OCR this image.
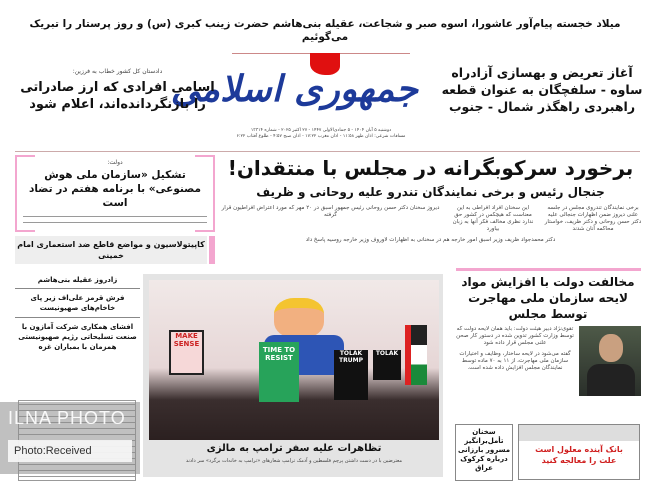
میلاد خجسته پیام‌آور عاشورا، اسوه صبر و شجاعت، عقیله بنی‌هاشم حضرت زینب کبری (س) و روز پرستار را تبریک می‌گوئیم
جمهوری اسلامی
دوشنبه ۵ آبان ۱۴۰۴ - ۵ جمادی‌الاولی ۱۴۴۷ - ۲۷ اکتبر ۲۰۲۵ - شماره ۱۳۳۱۴
مسافات شرعی: اذان ظهر ۱۱:۵۸ - اذان مغرب ۱۷:۲۲ - اذان صبح ۴:۵۷ - طلوع آفتاب ۶:۲۲
دادستان کل کشور خطاب به فرزین:
اسامی افرادی که ارز صادراتی را بازنگردانده‌اند، اعلام شود
آغاز تعریض و بهسازی آزادراه ساوه - سلفچگان به عنوان قطعه راهبردی راهگذر شمال - جنوب
دولت:
تشکیل «سازمان ملی هوش مصنوعی» با برنامه هفتم در تضاد است
کاپیتولاسیون و مواضع قاطع ضد استعماری امام خمینی
برخورد سرکوبگرانه در مجلس با منتقدان!
جنجال رئیس و برخی نمایندگان تندرو علیه روحانی و ظریف
برخی نمایندگان تندروی مجلس در جلسه علنی دیروز ضمن اظهارات جنجالی علیه دکتر حسن روحانی و دکتر ظریف، خواستار محاکمه آنان شدند
این سخنان افراد افراطی به این معناست که هیچکس در کشور حق ندارد نظری مخالف فکر آنها به زبان بیاورد
دیروز سخنان دکتر حسن روحانی رئیس جمهور اسبق در ۲۰ مهر که مورد اعتراض افراطیون قرار گرفته
دکتر محمدجواد ظریف وزیر اسبق امور خارجه هم در سخنانی به اظهارات لاوروف وزیر خارجه روسیه پاسخ داد
زادروز عقیله بنی‌هاشم
فرش قرمز علی‌اف زیر پای خاخام‌های صهیونیست
افشای همکاری شرکت آمازون با صنعت تسلیحاتی رژیم صهیونیستی همزمان با بمباران غزه
MAKE SENSE
TIME TO RESIST
TOLAK TRUMP
TOLAK
تظاهرات علیه سفر ترامپ به مالزی
معترضین با در دست داشتن پرچم فلسطین و آدمک ترامپ شعارهای «ترامپ به خانه‌ات برگرد» سر دادند
مخالفت دولت با افزایش مواد لایحه سازمان ملی مهاجرت توسط مجلس
تقوی‌نژاد دبیر هیئت دولت: باید همان لایحه دولت که توسط وزارت کشور تدوین شده در دستور کار صحن علنی مجلس قرار داده شود
گفته می‌شود در لایحه ساختار، وظایف و اختیارات سازمان ملی مهاجرت، از ۱۱ به ۷۰ ماده توسط نمایندگان مجلس افزایش داده شده است.
سخنان تأمل‌برانگیز مسرور بارزانی درباره کرکوک عراق
بانک آینده معلول است علت را معالجه کنید
ILNA PHOTO
Photo:Received
